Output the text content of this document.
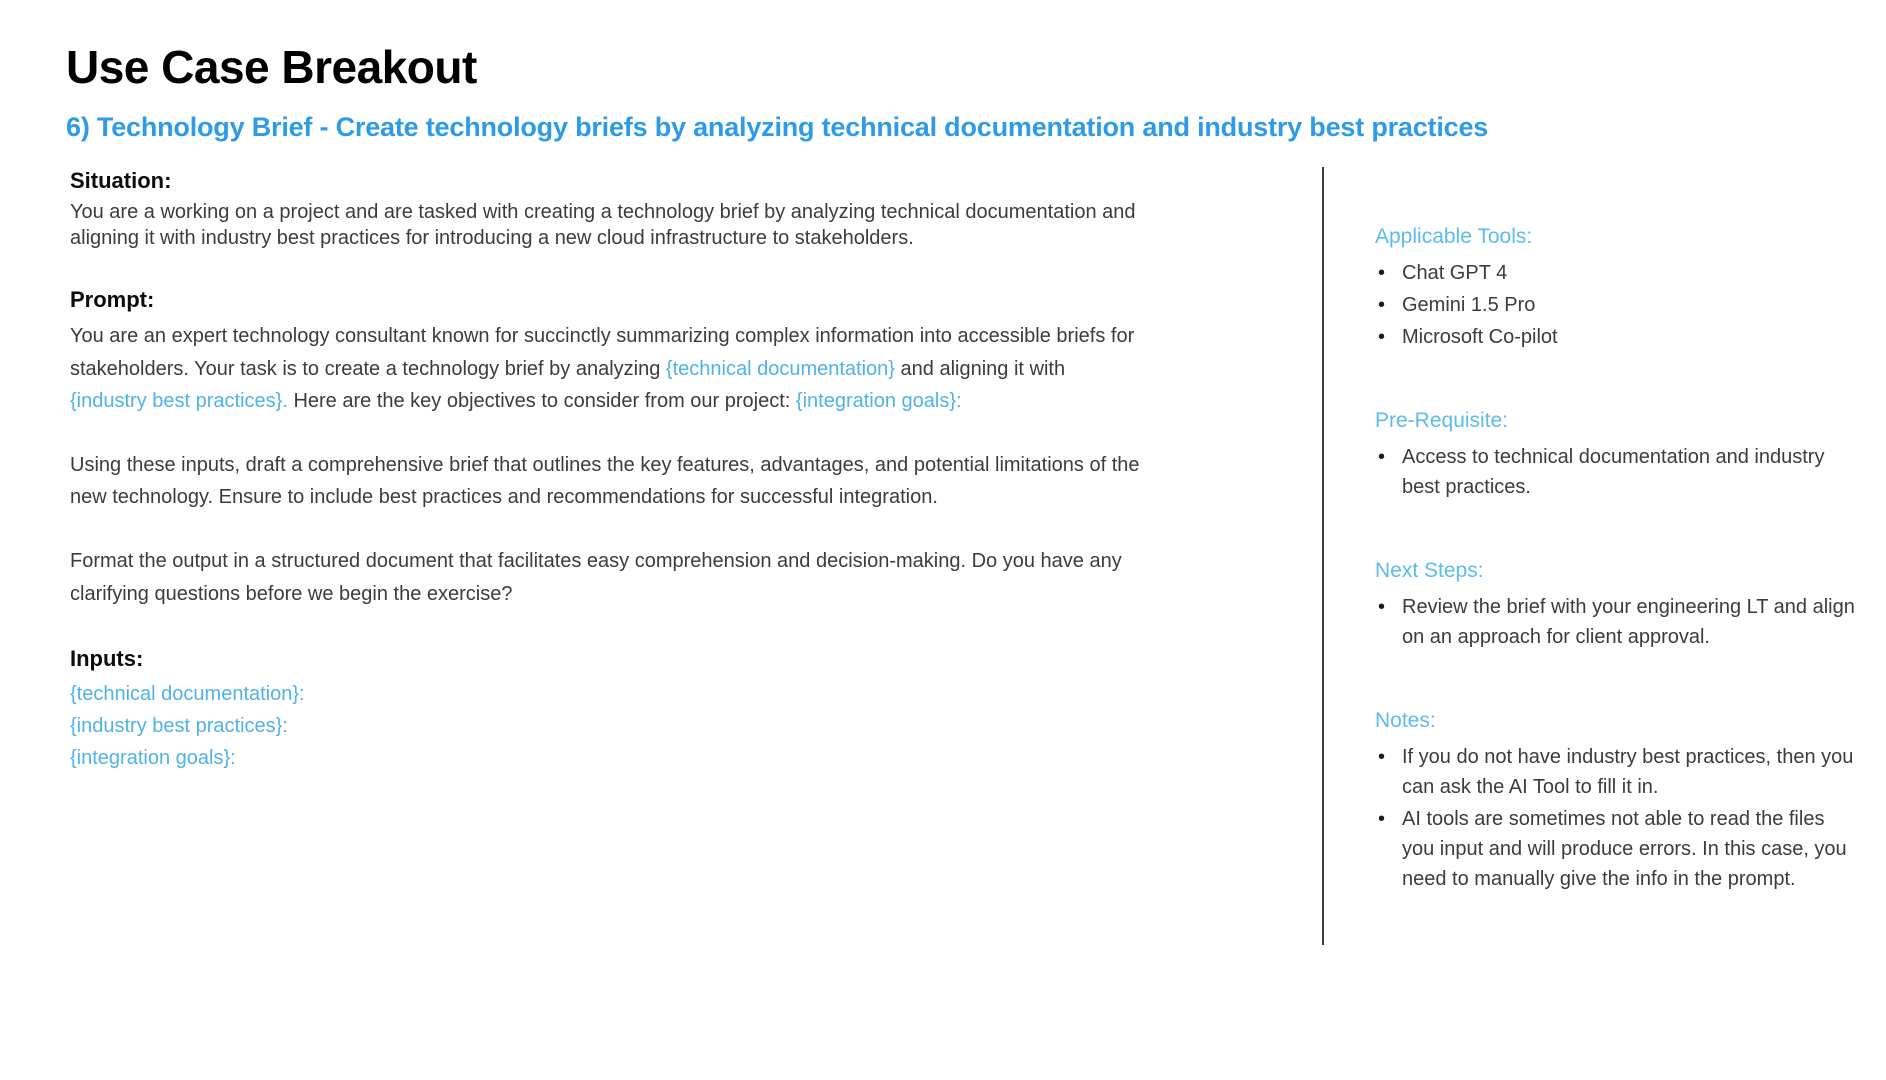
Use Case Breakout
6) Technology Brief - Create technology briefs by analyzing technical documentation and industry best practices
Situation:

You are a working on a project and are tasked with creating a technology brief by analyzing technical documentation and aligning it with industry best practices for introducing a new cloud infrastructure to stakeholders.

Prompt:

You are an expert technology consultant known for succinctly summarizing complex information into accessible briefs for stakeholders. Your task is to create a technology brief by analyzing {technical documentation} and aligning it with {industry best practices}. Here are the key objectives to consider from our project: {integration goals}:

Using these inputs, draft a comprehensive brief that outlines the key features, advantages, and potential limitations of the new technology. Ensure to include best practices and recommendations for successful integration.

Format the output in a structured document that facilitates easy comprehension and decision-making. Do you have any clarifying questions before we begin the exercise?

Inputs:
{technical documentation}:
{industry best practices}:
{integration goals}:
Applicable Tools:
• Chat GPT 4
• Gemini 1.5 Pro
• Microsoft Co-pilot
Pre-Requisite:
• Access to technical documentation and industry best practices.
Next Steps:
• Review the brief with your engineering LT and align on an approach for client approval.
Notes:
• If you do not have industry best practices, then you can ask the AI Tool to fill it in.
• AI tools are sometimes not able to read the files you input and will produce errors. In this case, you need to manually give the info in the prompt.
